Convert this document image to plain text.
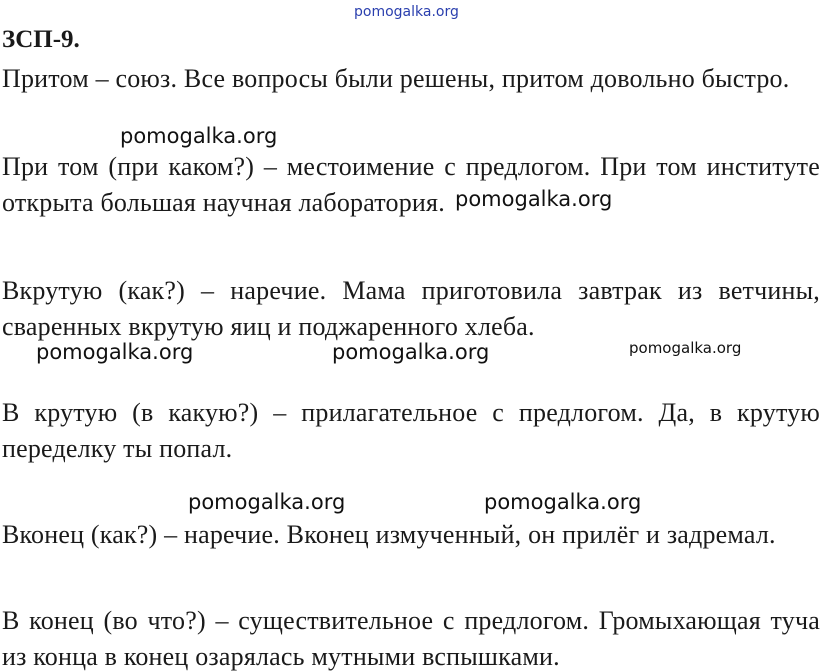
pomogalka.org
ЗСП-9.
Притом – союз. Все вопросы были решены, притом довольно быстро.
pomogalka.org
При том (при каком?) – местоимение с предлогом. При том институте
открыта большая научная лаборатория. pomogalka.org
Вкрутую (как?) – наречие. Мама приготовила завтрак из ветчины,
сваренных вкрутую яиц и поджаренного хлеба.
pomogalka.org	pomogalka.org	pomogalka.org
В крутую (в какую?) – прилагательное с предлогом. Да, в крутую
переделку ты попал.
pomogalka.org	pomogalka.org
Вконец (как?) – наречие. Вконец измученный, он прилёг и задремал.
В конец (во что?) – существительное с предлогом. Громыхающая туча
из конца в конец озарялась мутными вспышками.
